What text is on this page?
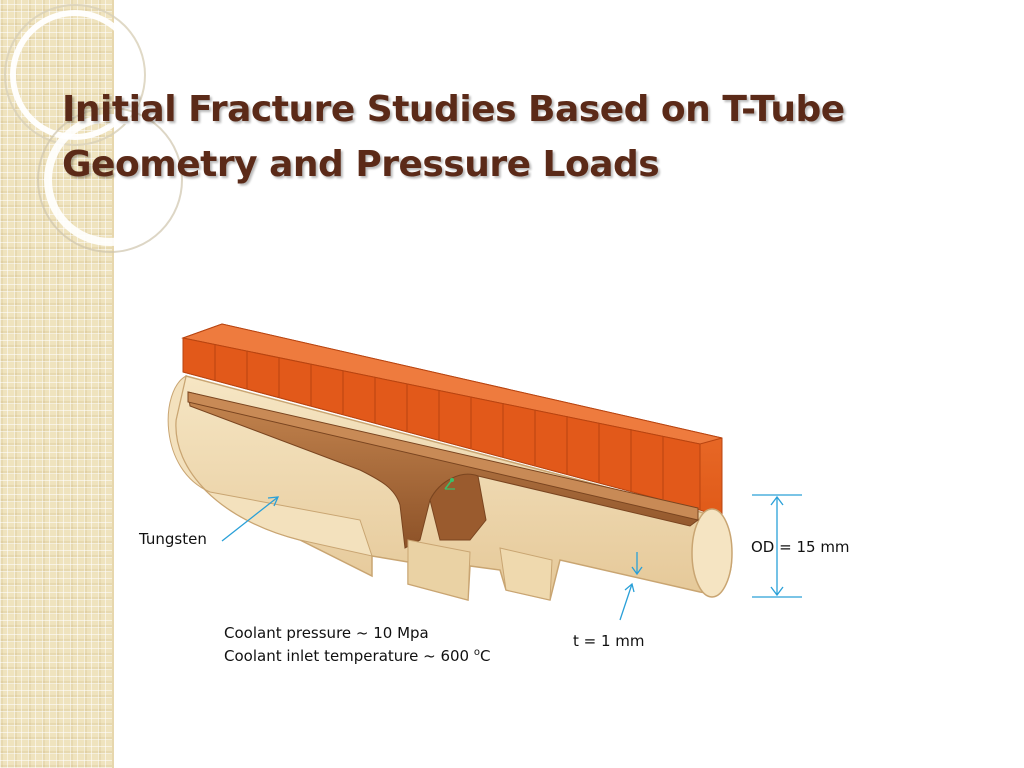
Initial Fracture Studies Based on T-Tube
Geometry and Pressure Loads
Tungsten	OD = 15 mm
t = 1 mm
Coolant pressure ~ 10 Mpa
Coolant inlet temperature ~ 600 $^o$C
